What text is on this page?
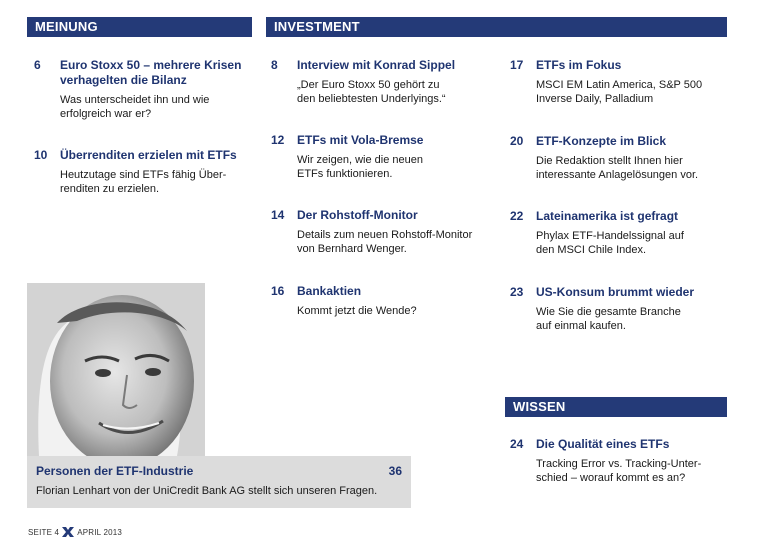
MEINUNG	INVESTMENT
WISSEN
6 Euro Stoxx 50 – mehrere Krisen verhagelten die Bilanz
Was unterscheidet ihn und wie
erfolgreich war er?
10 Überrenditen erzielen mit ETFs
Heutzutage sind ETFs fähig Über-
renditen zu erzielen.
8 Interview mit Konrad Sippel
„Der Euro Stoxx 50 gehört zu
den beliebtesten Underlyings.“
12 ETFs mit Vola-Bremse
Wir zeigen, wie die neuen
ETFs funktionieren.
14 Der Rohstoff-Monitor
Details zum neuen Rohstoff-Monitor
von Bernhard Wenger.
16 Bankaktien
Kommt jetzt die Wende?
17 ETFs im Fokus
MSCI EM Latin America, S&P 500
Inverse Daily, Palladium
20 ETF-Konzepte im Blick
Die Redaktion stellt Ihnen hier
interessante Anlagelösungen vor.
22 Lateinamerika ist gefragt
Phylax ETF-Handelssignal auf
den MSCI Chile Index.
23 US-Konsum brummt wieder
Wie Sie die gesamte Branche
auf einmal kaufen.
24 Die Qualität eines ETFs
Tracking Error vs. Tracking-Unter-
schied – worauf kommt es an?
Personen der ETF-Industrie	36
Florian Lenhart von der UniCredit Bank AG stellt sich unseren Fragen.
SEITE 4 APRIL 2013
